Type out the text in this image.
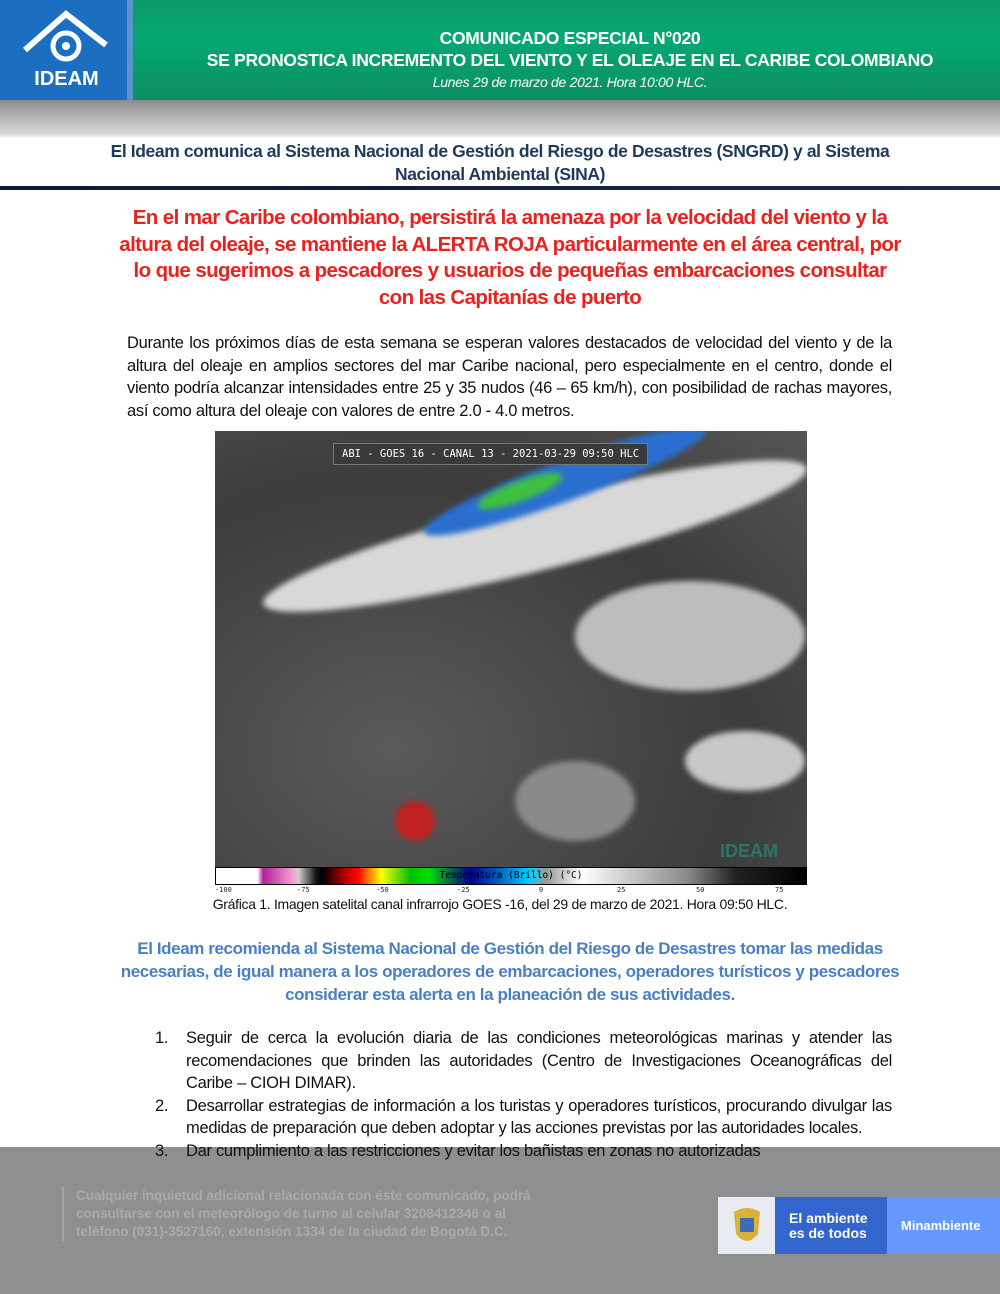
IDEAM
COMUNICADO ESPECIAL N°020
SE PRONOSTICA INCREMENTO DEL VIENTO Y EL OLEAJE EN EL CARIBE COLOMBIANO
Lunes 29 de marzo de 2021. Hora 10:00 HLC.
El Ideam comunica al Sistema Nacional de Gestión del Riesgo de Desastres (SNGRD) y al Sistema Nacional Ambiental (SINA)
En el mar Caribe colombiano, persistirá la amenaza por la velocidad del viento y la altura del oleaje, se mantiene la ALERTA ROJA particularmente en el área central, por lo que sugerimos a pescadores y usuarios de pequeñas embarcaciones consultar con las Capitanías de puerto
Durante los próximos días de esta semana se esperan valores destacados de velocidad del viento y de la altura del oleaje en amplios sectores del mar Caribe nacional, pero especialmente en el centro, donde el viento podría alcanzar intensidades entre 25 y 35 nudos (46 – 65 km/h), con posibilidad de rachas mayores, así como altura del oleaje con valores de entre 2.0 - 4.0 metros.
ABI - GOES 16 - CANAL 13 - 2021-03-29 09:50 HLC
IDEAM
Temperatura (Brillo) (°C)
-100	-75	-50	-25	0	25	50	75
Gráfica 1. Imagen satelital canal infrarrojo GOES -16, del 29 de marzo de 2021. Hora 09:50 HLC.
El Ideam recomienda al Sistema Nacional de Gestión del Riesgo de Desastres tomar las medidas necesarias, de igual manera a los operadores de embarcaciones, operadores turísticos y pescadores considerar esta alerta en la planeación de sus actividades.
1.	Seguir de cerca la evolución diaria de las condiciones meteorológicas marinas y atender las recomendaciones que brinden las autoridades (Centro de Investigaciones Oceanográficas del Caribe – CIOH DIMAR).
2.	Desarrollar estrategias de información a los turistas y operadores turísticos, procurando divulgar las medidas de preparación que deben adoptar y las acciones previstas por las autoridades locales.
3.	Dar cumplimiento a las restricciones y evitar los bañistas en zonas no autorizadas
Cualquier inquietud adicional relacionada con éste comunicado, podrá consultarse con el meteorólogo de turno al celular 3208412346 o al teléfono (031)-3527160, extensión 1334 de la ciudad de Bogotá D.C.
El ambiente es de todos	Minambiente
